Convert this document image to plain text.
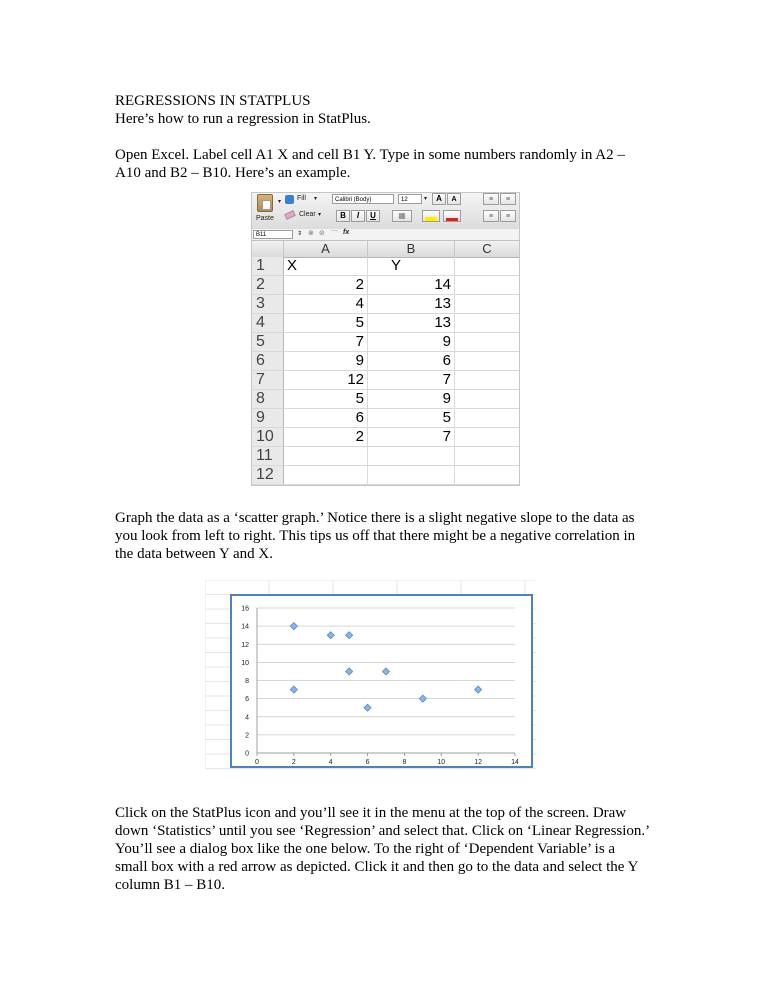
REGRESSIONS IN STATPLUS

Here’s how to run a regression in StatPlus.

Open Excel. Label cell A1 X and cell B1 Y. Type in some numbers randomly in A2 –

A10 and B2 – B10. Here’s an example.

Paste
▾ Fill ▾
Clear ▾
Calibri (Body)	12	▾	A	A
B	I	U	▦
≡	≡
≡	≡
B11	⇕ ⊗ ⊘ ⌒ fx
A	B	C
1	X	Y
2	2	14
3	4	13
4	5	13
5	7	9
6	9	6
7	12	7
8	5	9
9	6	5
10	2	7
11
12

Graph the data as a ‘scatter graph.’ Notice there is a slight negative slope to the data as

you look from left to right. This tips us off that there might be a negative correlation in

the data between Y and X.

0
2
4
6
8
10
12
14
16
0	2	4	6	8	10	12	14

Click on the StatPlus icon and you’ll see it in the menu at the top of the screen. Draw

down ‘Statistics’ until you see ‘Regression’ and select that. Click on ‘Linear Regression.’

You’ll see a dialog box like the one below. To the right of ‘Dependent Variable’ is a

small box with a red arrow as depicted. Click it and then go to the data and select the Y

column B1 – B10.
